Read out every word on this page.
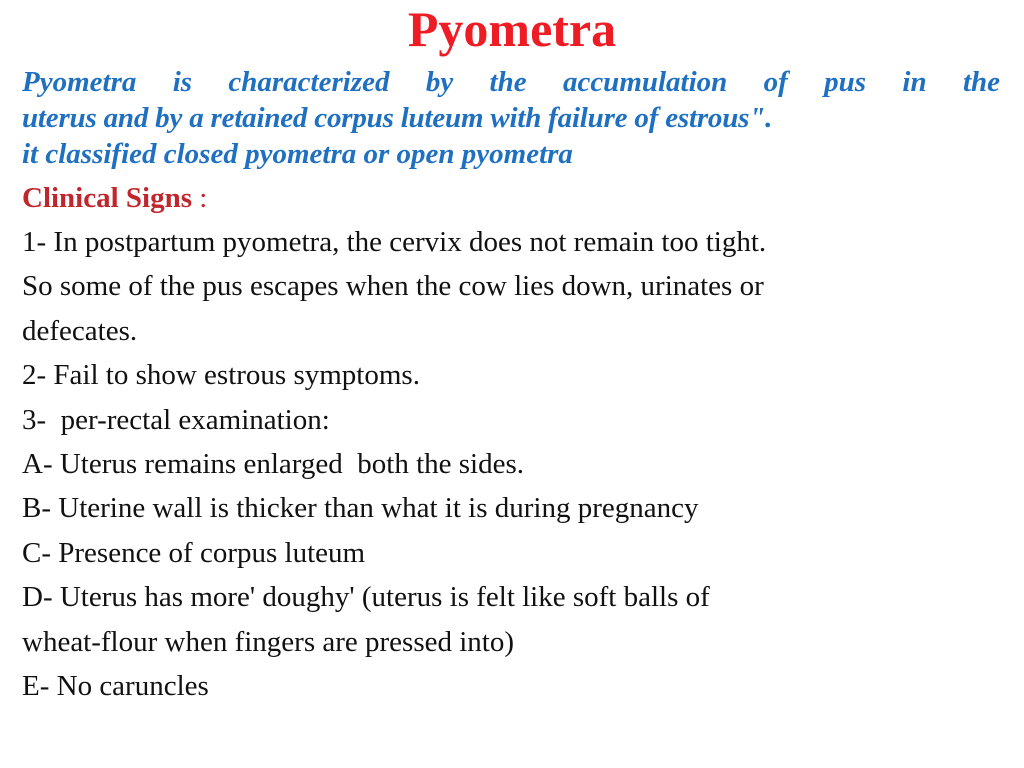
Pyometra
Pyometra is characterized by the accumulation of pus in the
uterus and by a retained corpus luteum with failure of estrous".
it classified closed pyometra or open pyometra
Clinical Signs :
1- In postpartum pyometra, the cervix does not remain too tight.
So some of the pus escapes when the cow lies down, urinates or
defecates.
2- Fail to show estrous symptoms.
3-  per-rectal examination:
A- Uterus remains enlarged  both the sides.
B- Uterine wall is thicker than what it is during pregnancy
C- Presence of corpus luteum
D- Uterus has more' doughy' (uterus is felt like soft balls of
wheat-flour when fingers are pressed into)
E- No caruncles
